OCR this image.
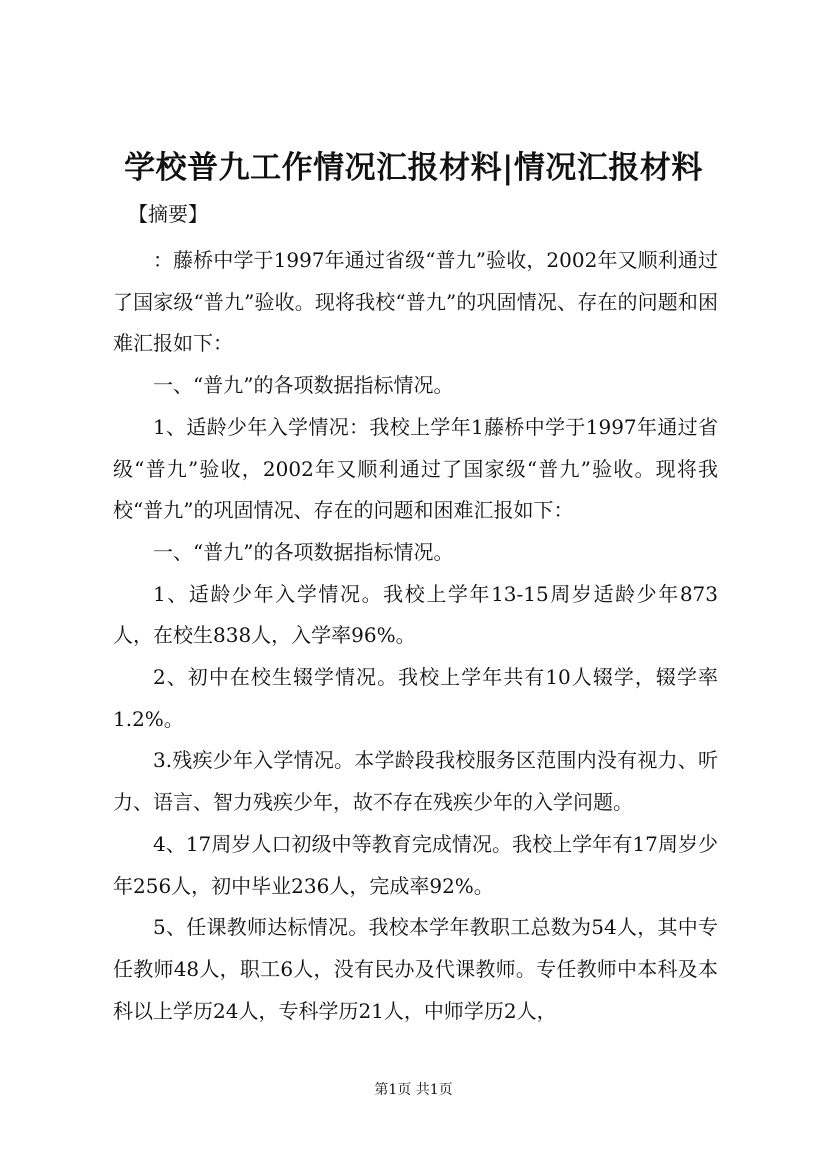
学校普九工作情况汇报材料|情况汇报材料
【摘要】

：藤桥中学于1997年通过省级“普九”验收，2002年又顺利通过了国家级“普九”验收。现将我校“普九”的巩固情况、存在的问题和困难汇报如下：

一、“普九”的各项数据指标情况。

1、适龄少年入学情况：我校上学年1藤桥中学于1997年通过省级“普九”验收，2002年又顺利通过了国家级“普九”验收。现将我校“普九”的巩固情况、存在的问题和困难汇报如下：

一、“普九”的各项数据指标情况。

1、适龄少年入学情况。我校上学年13-15周岁适龄少年873人，在校生838人，入学率96%。

2、初中在校生辍学情况。我校上学年共有10人辍学，辍学率1.2%。

3.残疾少年入学情况。本学龄段我校服务区范围内没有视力、听力、语言、智力残疾少年，故不存在残疾少年的入学问题。

4、17周岁人口初级中等教育完成情况。我校上学年有17周岁少年256人，初中毕业236人，完成率92%。

5、任课教师达标情况。我校本学年教职工总数为54人，其中专任教师48人，职工6人，没有民办及代课教师。专任教师中本科及本科以上学历24人，专科学历21人，中师学历2人，

第1页 共1页
